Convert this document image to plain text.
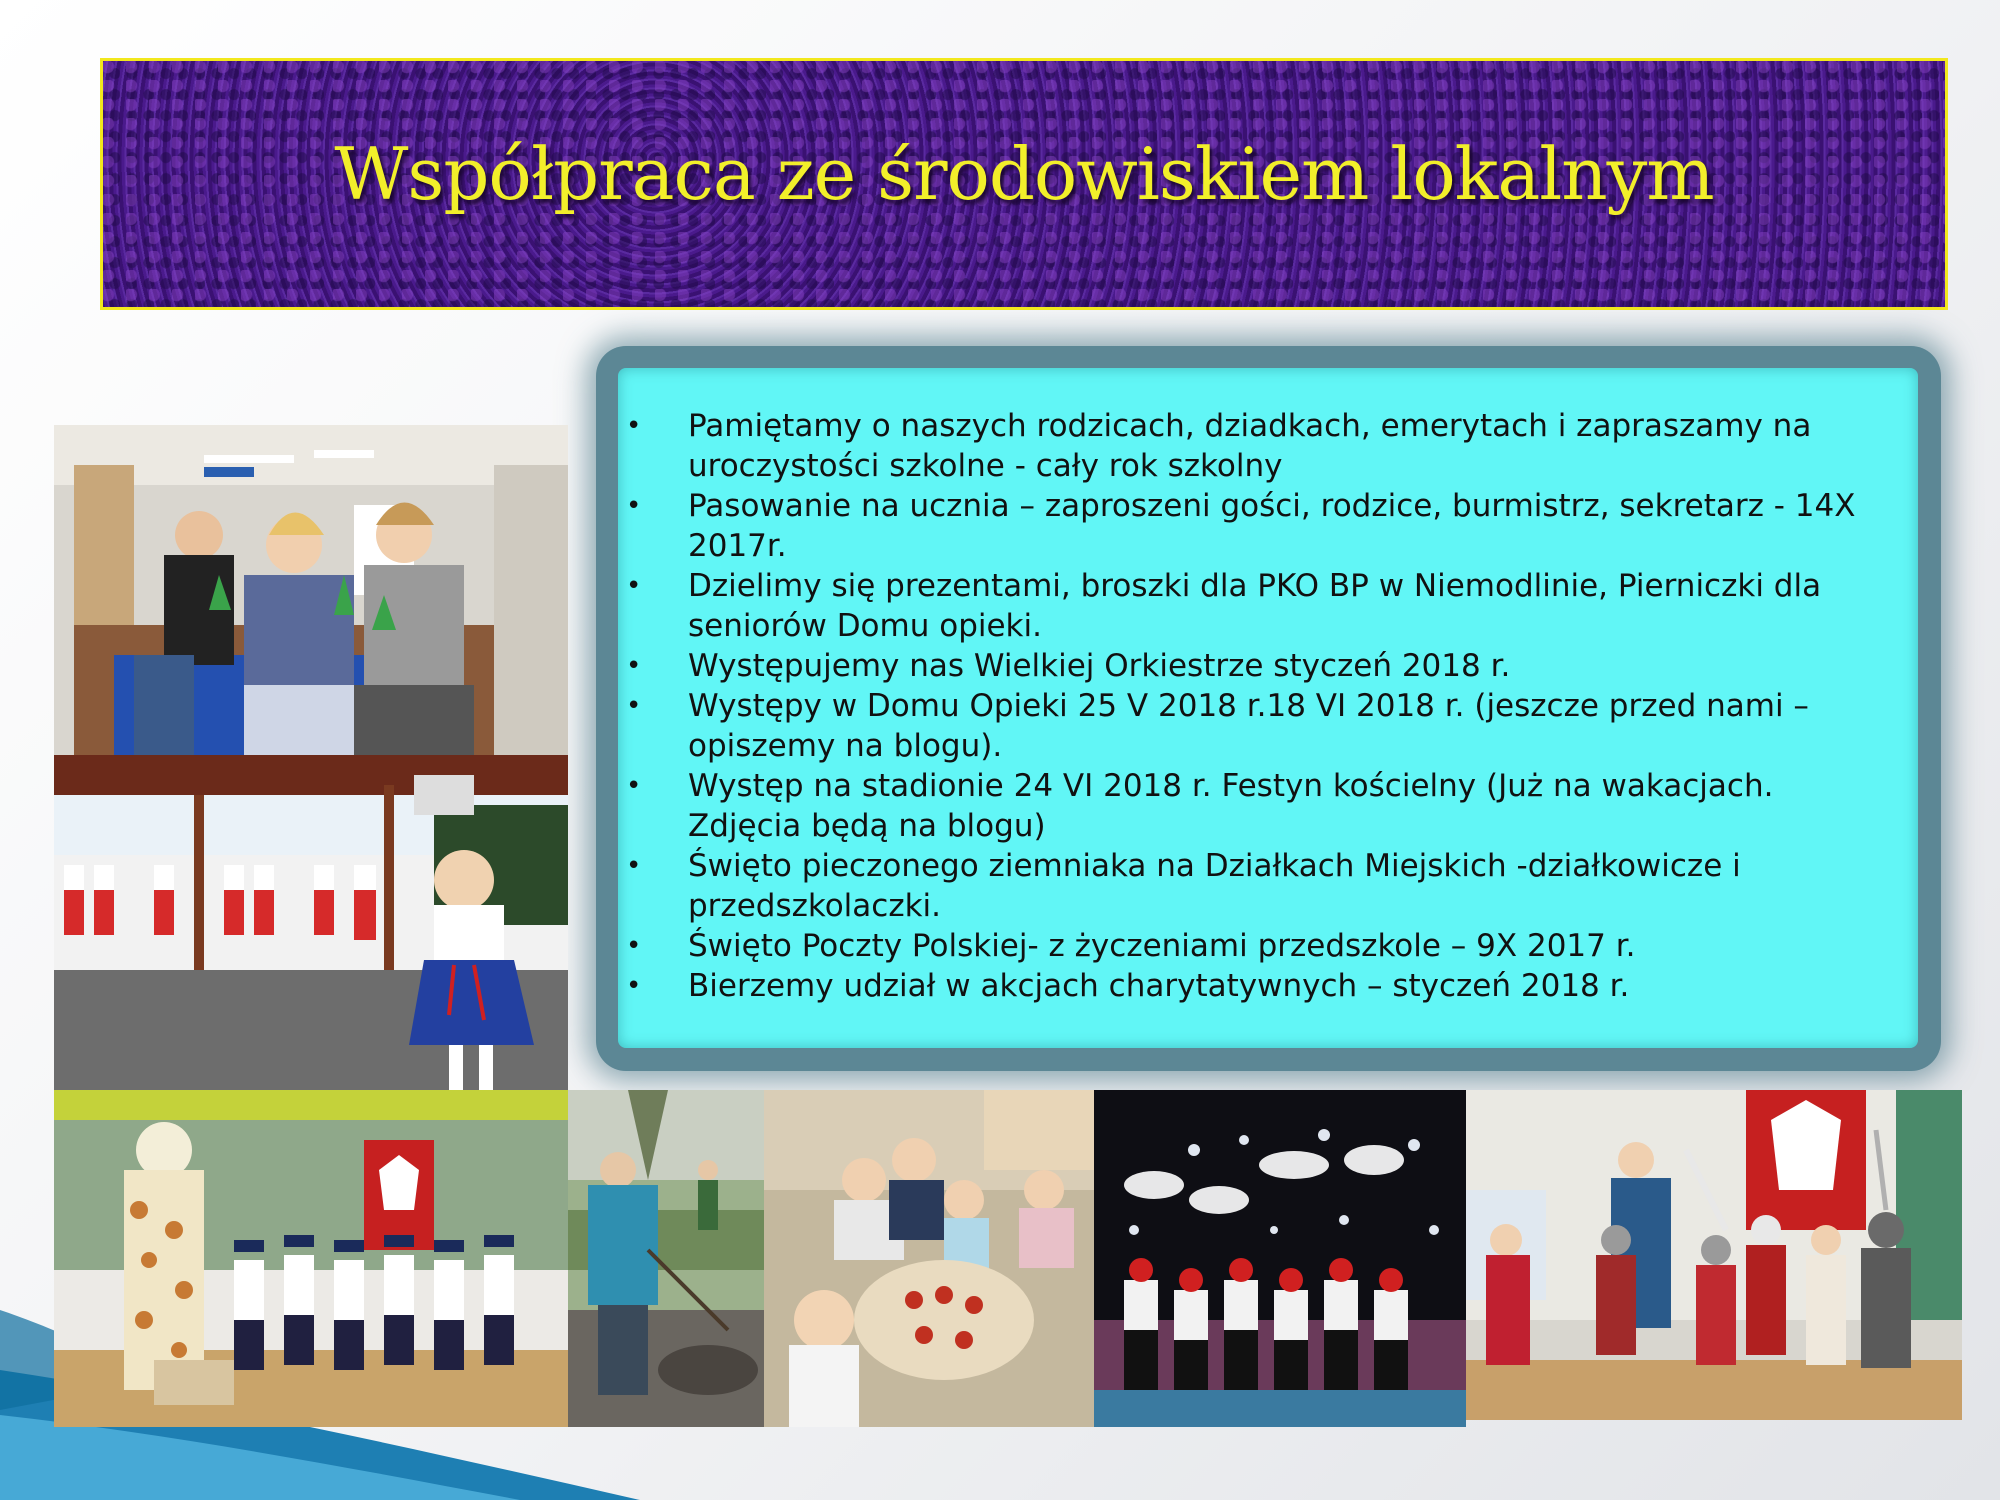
Współpraca ze środowiskiem lokalnym
• Pamiętamy o naszych rodzicach, dziadkach, emerytach i zapraszamy na uroczystości szkolne - cały rok szkolny
• Pasowanie na ucznia – zaproszeni gości, rodzice, burmistrz, sekretarz - 14X 2017r.
• Dzielimy się prezentami, broszki dla PKO BP w Niemodlinie, Pierniczki dla seniorów Domu opieki.
• Występujemy nas Wielkiej Orkiestrze styczeń 2018 r.
• Występy w Domu Opieki 25 V 2018 r.18 VI 2018 r. (jeszcze przed nami – opiszemy na blogu).
• Występ na stadionie 24 VI 2018 r. Festyn kościelny (Już na wakacjach. Zdjęcia będą na blogu)
• Święto pieczonego ziemniaka na Działkach Miejskich -działkowicze i przedszkolaczki.
• Święto Poczty Polskiej- z życzeniami przedszkole – 9X 2017 r.
• Bierzemy udział w akcjach charytatywnych – styczeń 2018 r.
